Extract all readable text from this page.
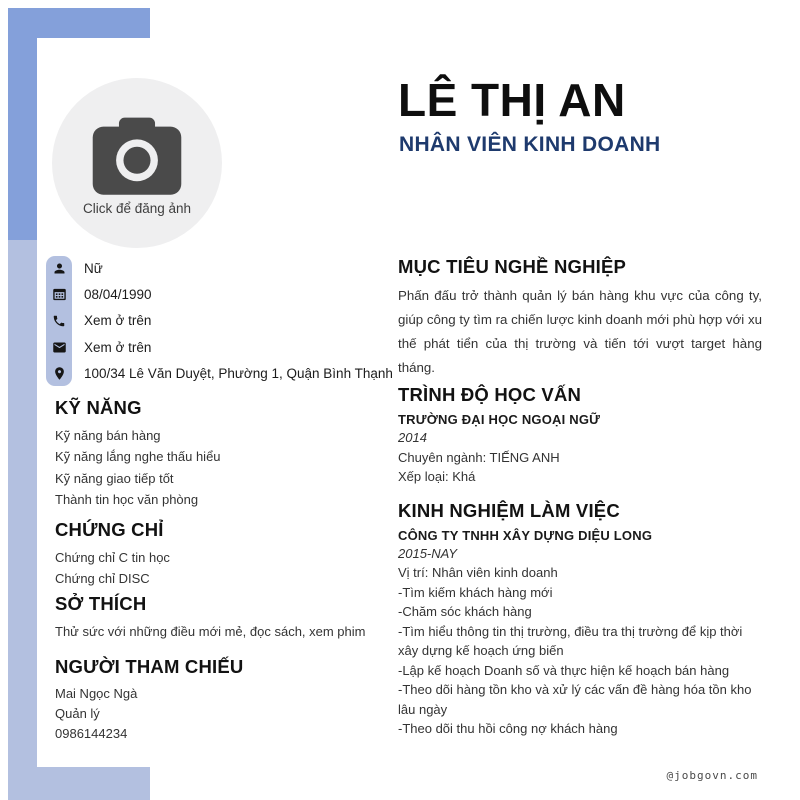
Click để đăng ảnh
LÊ THỊ AN
NHÂN VIÊN KINH DOANH
Nữ
08/04/1990
Xem ở trên
Xem ở trên
100/34 Lê Văn Duyệt, Phường 1, Quận Bình Thạnh
KỸ NĂNG
Kỹ năng bán hàng
Kỹ năng lắng nghe thấu hiểu
Kỹ năng giao tiếp tốt
Thành tin học văn phòng
CHỨNG CHỈ
Chứng chỉ C tin học
Chứng chỉ DISC
SỞ THÍCH
Thử sức với những điều mới mẻ, đọc sách, xem phim
NGƯỜI THAM CHIẾU
Mai Ngọc Ngà
Quản lý
0986144234
MỤC TIÊU NGHỀ NGHIỆP
Phấn đấu trở thành quản lý bán hàng khu vực của công ty, giúp công ty tìm ra chiến lược kinh doanh mới phù hợp với xu thế phát tiển của thị trường và tiến tới vượt target hàng tháng.
TRÌNH ĐỘ HỌC VẤN
TRƯỜNG ĐẠI HỌC NGOẠI NGỮ
2014
Chuyên ngành: TIẾNG ANH
Xếp loại: Khá
KINH NGHIỆM LÀM VIỆC
CÔNG TY TNHH XÂY DỰNG DIỆU LONG
2015-NAY
Vị trí: Nhân viên kinh doanh
-Tìm kiếm khách hàng mới
-Chăm sóc khách hàng
-Tìm hiểu thông tin thị trường, điều tra thị trường để kịp thời xây dựng kế hoạch ứng biến
-Lập kế hoạch Doanh số và thực hiện kế hoạch bán hàng
-Theo dõi hàng tồn kho và xử lý các vấn đề hàng hóa tồn kho lâu ngày
-Theo dõi thu hồi công nợ khách hàng
@jobgovn.com
